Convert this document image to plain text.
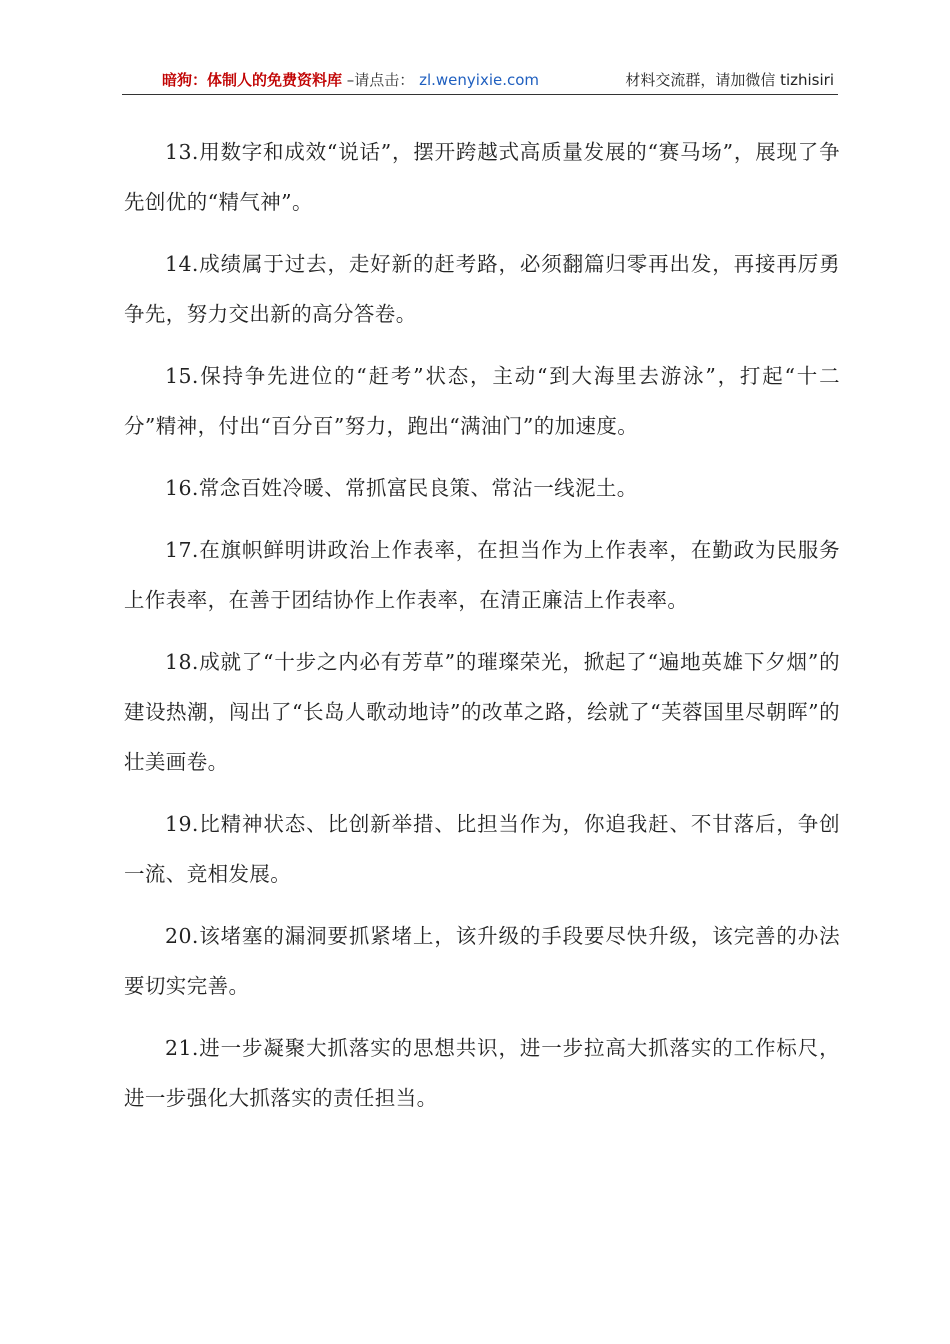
暗狗：体制人的免费资料库 –请点击： zl.wenyixie.com	材料交流群，请加微信 tizhisiri

13.用数字和成效“说话”，摆开跨越式高质量发展的“赛马场”，展现了争先创优的“精气神”。

14.成绩属于过去，走好新的赶考路，必须翻篇归零再出发，再接再厉勇争先，努力交出新的高分答卷。

15.保持争先进位的“赶考”状态，主动“到大海里去游泳”，打起“十二分”精神，付出“百分百”努力，跑出“满油门”的加速度。

16.常念百姓冷暖、常抓富民良策、常沾一线泥土。

17.在旗帜鲜明讲政治上作表率，在担当作为上作表率，在勤政为民服务上作表率，在善于团结协作上作表率，在清正廉洁上作表率。

18.成就了“十步之内必有芳草”的璀璨荣光，掀起了“遍地英雄下夕烟”的建设热潮，闯出了“长岛人歌动地诗”的改革之路，绘就了“芙蓉国里尽朝晖”的壮美画卷。

19.比精神状态、比创新举措、比担当作为，你追我赶、不甘落后，争创一流、竞相发展。

20.该堵塞的漏洞要抓紧堵上，该升级的手段要尽快升级，该完善的办法要切实完善。

21.进一步凝聚大抓落实的思想共识，进一步拉高大抓落实的工作标尺，进一步强化大抓落实的责任担当。
